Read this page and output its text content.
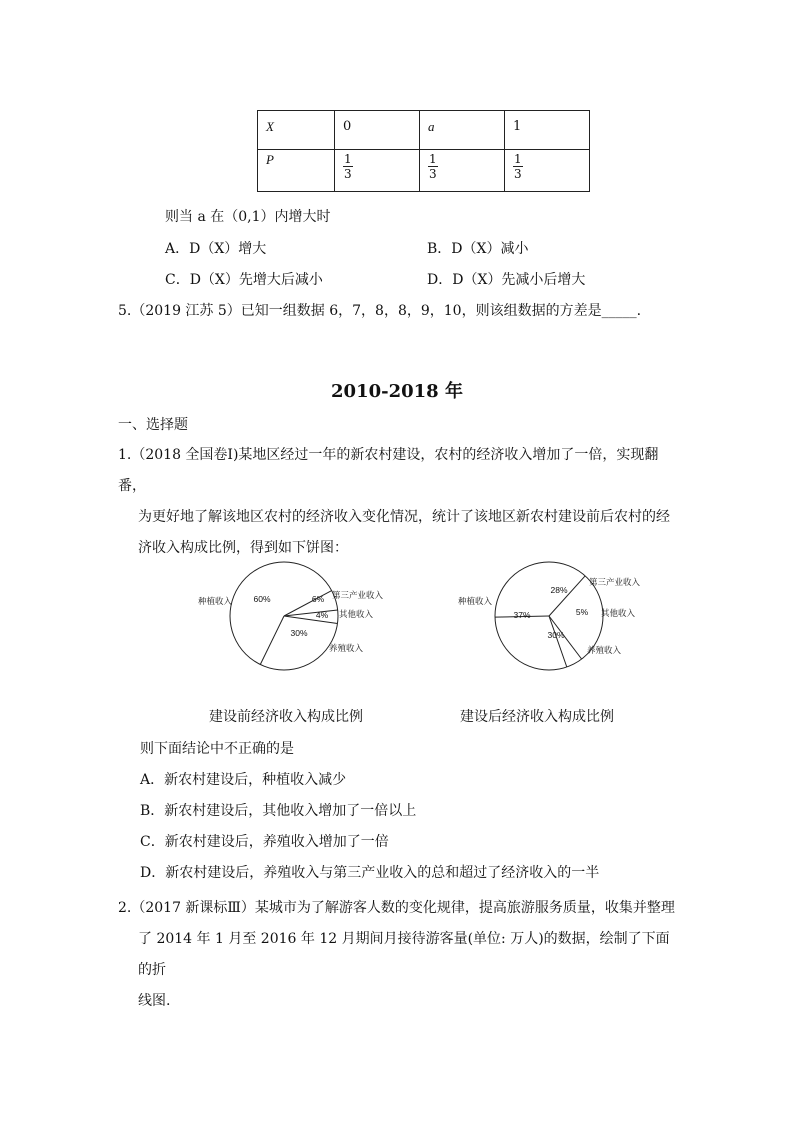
X	0	a	1
P	$\frac{1}{3}$	$\frac{1}{3}$	$\frac{1}{3}$
则当 a 在（0,1）内增大时
A．D（X）增大	B．D（X）减小
C．D（X）先增大后减小	D．D（X）先减小后增大
5.（2019 江苏 5）已知一组数据 6，7，8，8，9，10，则该组数据的方差是_____.
2010-2018 年
一、选择题
1.（2018 全国卷Ⅰ)某地区经过一年的新农村建设，农村的经济收入增加了一倍，实现翻番，
为更好地了解该地区农村的经济收入变化情况，统计了该地区新农村建设前后农村的经
济收入构成比例，得到如下饼图：
60%	6%
4%
30%
种植收入
第三产业收入
其他收入
养殖收入
37%
28%
5%
30%
种植收入
第三产业收入
其他收入
养殖收入
建设前经济收入构成比例	建设后经济收入构成比例
则下面结论中不正确的是
A．新农村建设后，种植收入减少
B．新农村建设后，其他收入增加了一倍以上
C．新农村建设后，养殖收入增加了一倍
D．新农村建设后，养殖收入与第三产业收入的总和超过了经济收入的一半
2.（2017 新课标Ⅲ）某城市为了解游客人数的变化规律，提高旅游服务质量，收集并整理
了 2014 年 1 月至 2016 年 12 月期间月接待游客量(单位: 万人)的数据，绘制了下面的折
线图.
